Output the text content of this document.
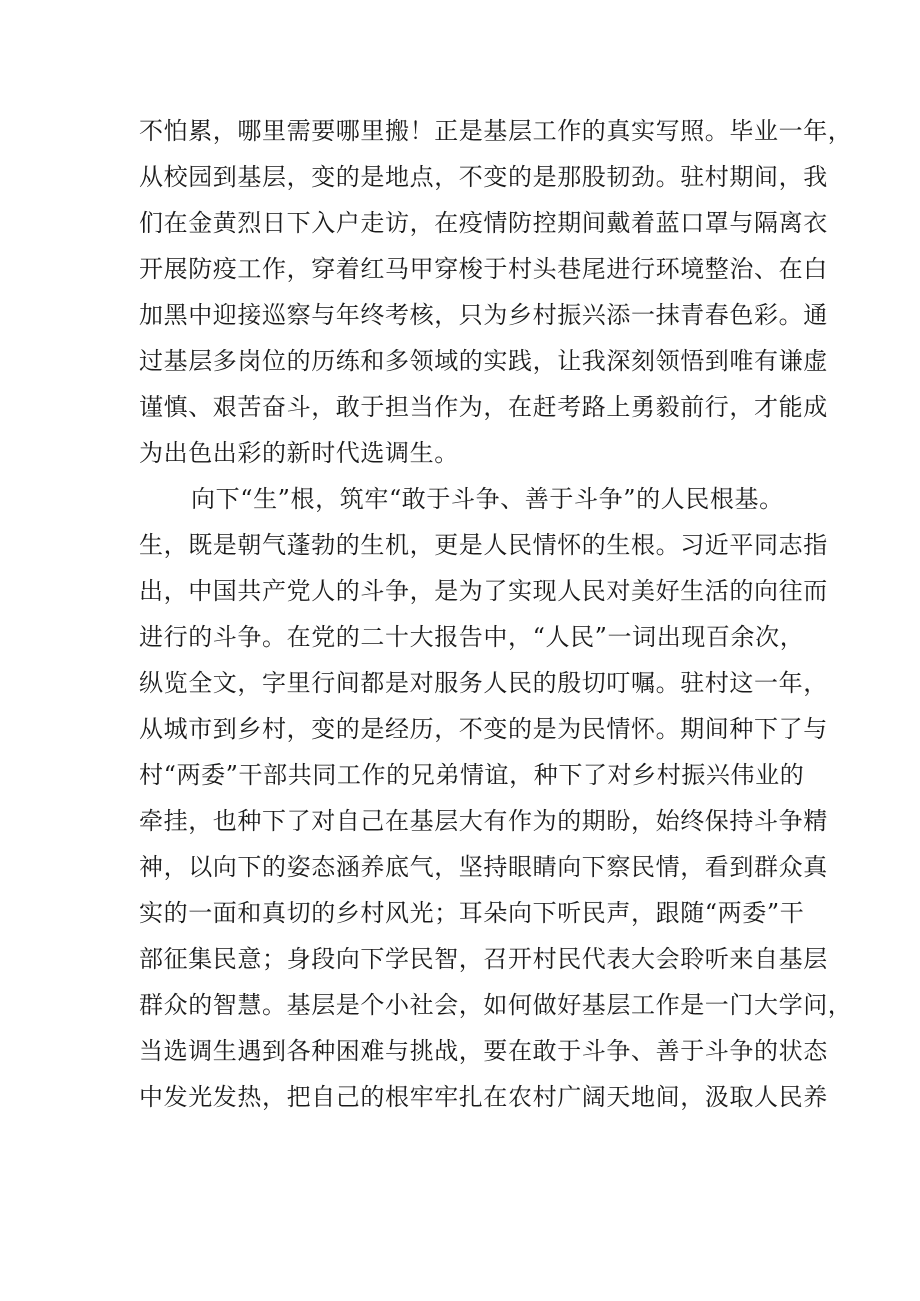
不怕累，哪里需要哪里搬！正是基层工作的真实写照。毕业一年，
从校园到基层，变的是地点，不变的是那股韧劲。驻村期间，我
们在金黄烈日下入户走访，在疫情防控期间戴着蓝口罩与隔离衣
开展防疫工作，穿着红马甲穿梭于村头巷尾进行环境整治、在白
加黑中迎接巡察与年终考核，只为乡村振兴添一抹青春色彩。通
过基层多岗位的历练和多领域的实践，让我深刻领悟到唯有谦虚
谨慎、艰苦奋斗，敢于担当作为，在赶考路上勇毅前行，才能成
为出色出彩的新时代选调生。
向下“生”根，筑牢“敢于斗争、善于斗争”的人民根基。
生，既是朝气蓬勃的生机，更是人民情怀的生根。习近平同志指
出，中国共产党人的斗争，是为了实现人民对美好生活的向往而
进行的斗争。在党的二十大报告中，“人民”一词出现百余次，
纵览全文，字里行间都是对服务人民的殷切叮嘱。驻村这一年，
从城市到乡村，变的是经历，不变的是为民情怀。期间种下了与
村“两委”干部共同工作的兄弟情谊，种下了对乡村振兴伟业的
牵挂，也种下了对自己在基层大有作为的期盼，始终保持斗争精
神，以向下的姿态涵养底气，坚持眼睛向下察民情，看到群众真
实的一面和真切的乡村风光；耳朵向下听民声，跟随“两委”干
部征集民意；身段向下学民智，召开村民代表大会聆听来自基层
群众的智慧。基层是个小社会，如何做好基层工作是一门大学问，
当选调生遇到各种困难与挑战，要在敢于斗争、善于斗争的状态
中发光发热，把自己的根牢牢扎在农村广阔天地间，汲取人民养
